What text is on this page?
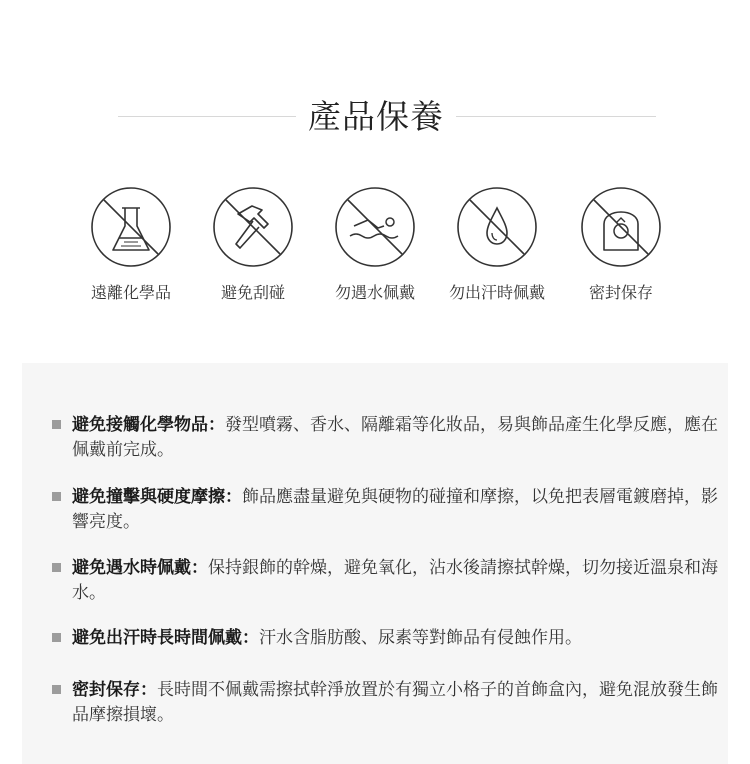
產品保養
遠離化學品	避免刮碰	勿遇水佩戴	勿出汗時佩戴	密封保存
避免接觸化學物品：發型噴霧、香水、隔離霜等化妝品，易與飾品產生化學反應，應在佩戴前完成。
避免撞擊與硬度摩擦：飾品應盡量避免與硬物的碰撞和摩擦，以免把表層電鍍磨掉，影響亮度。
避免遇水時佩戴：保持銀飾的幹燥，避免氧化，沾水後請擦拭幹燥，切勿接近溫泉和海水。
避免出汗時長時間佩戴：汗水含脂肪酸、尿素等對飾品有侵蝕作用。
密封保存：長時間不佩戴需擦拭幹淨放置於有獨立小格子的首飾盒內，避免混放發生飾品摩擦損壞。
